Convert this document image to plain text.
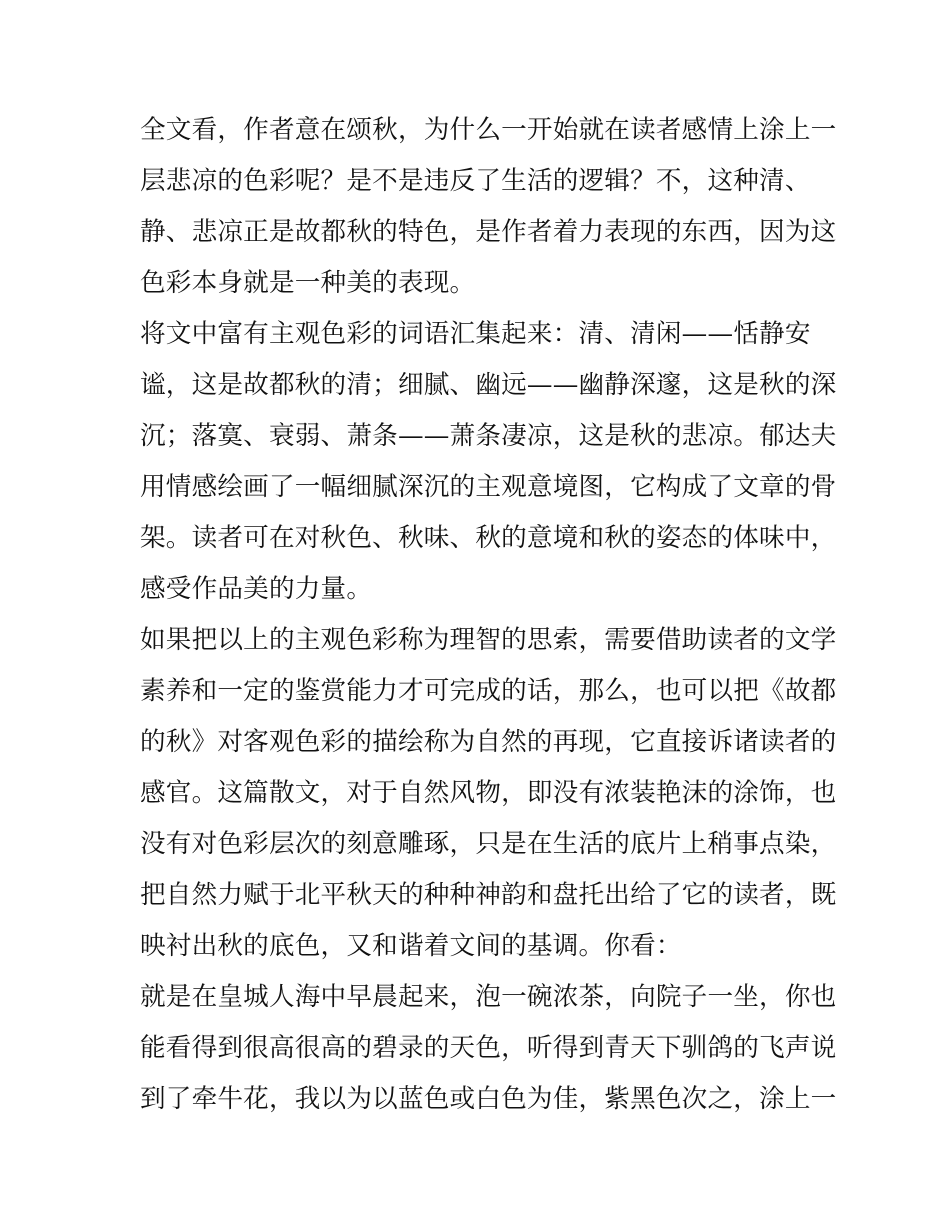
全文看，作者意在颂秋，为什么一开始就在读者感情上涂上一
层悲凉的色彩呢？是不是违反了生活的逻辑？不，这种清、
静、悲凉正是故都秋的特色，是作者着力表现的东西，因为这
色彩本身就是一种美的表现。
将文中富有主观色彩的词语汇集起来：清、清闲——恬静安
谧，这是故都秋的清；细腻、幽远——幽静深邃，这是秋的深
沉；落寞、衰弱、萧条——萧条凄凉，这是秋的悲凉。郁达夫
用情感绘画了一幅细腻深沉的主观意境图，它构成了文章的骨
架。读者可在对秋色、秋味、秋的意境和秋的姿态的体味中，
感受作品美的力量。
如果把以上的主观色彩称为理智的思索，需要借助读者的文学
素养和一定的鉴赏能力才可完成的话，那么，也可以把《故都
的秋》对客观色彩的描绘称为自然的再现，它直接诉诸读者的
感官。这篇散文，对于自然风物，即没有浓装艳沫的涂饰，也
没有对色彩层次的刻意雕琢，只是在生活的底片上稍事点染，
把自然力赋于北平秋天的种种神韵和盘托出给了它的读者，既
映衬出秋的底色，又和谐着文间的基调。你看：
就是在皇城人海中早晨起来，泡一碗浓茶，向院子一坐，你也
能看得到很高很高的碧录的天色，听得到青天下驯鸽的飞声说
到了牵牛花，我以为以蓝色或白色为佳，紫黑色次之，涂上一
